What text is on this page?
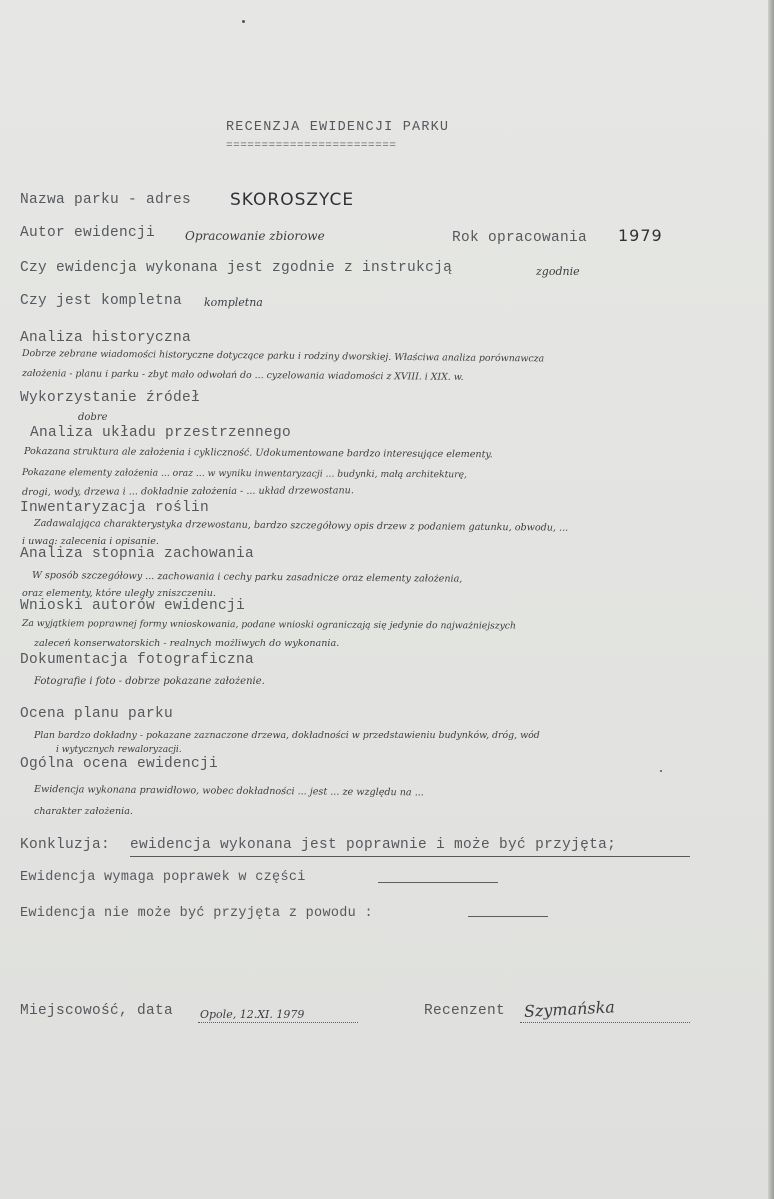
RECENZJA EWIDENCJI PARKU
========================
Nazwa parku - adres SKOROSZYCE
Autor ewidencji Opracowanie zbiorowe	Rok opracowania 1979
Czy ewidencja wykonana jest zgodnie z instrukcją	zgodnie
Czy jest kompletna kompletna
Analiza historyczna
Dobrze zebrane wiadomości historyczne dotyczące parku i rodziny dworskiej. Właściwa analiza porównawcza
założenia - planu i parku - zbyt mało odwołań do ... cyzelowania wiadomości z XVIII. i XIX. w.
Wykorzystanie źródeł
dobre
Analiza układu przestrzennego
Pokazana struktura ale założenia i cykliczność. Udokumentowane bardzo interesujące elementy.
Pokazane elementy założenia ... oraz ... w wyniku inwentaryzacji ... budynki, małą architekturę,
drogi, wody, drzewa i ... dokładnie założenia - ... układ drzewostanu.
Inwentaryzacja roślin
Zadawalająca charakterystyka drzewostanu, bardzo szczegółowy opis drzew z podaniem gatunku, obwodu, ...
i uwag: zalecenia i opisanie.
Analiza stopnia zachowania
W sposób szczegółowy ... zachowania i cechy parku zasadnicze oraz elementy założenia,
oraz elementy, które uległy zniszczeniu.
Wnioski autorów ewidencji
Za wyjątkiem poprawnej formy wnioskowania, podane wnioski ograniczają się jedynie do najważniejszych
zaleceń konserwatorskich - realnych możliwych do wykonania.
Dokumentacja fotograficzna
Fotografie i foto - dobrze pokazane założenie.
Ocena planu parku
Plan bardzo dokładny - pokazane zaznaczone drzewa, dokładności w przedstawieniu budynków, dróg, wód
i wytycznych rewaloryzacji.
Ogólna ocena ewidencji
Ewidencja wykonana prawidłowo, wobec dokładności ... jest ... ze względu na ...
charakter założenia.
Konkluzja: ewidencja wykonana jest poprawnie i może być przyjęta;
Ewidencja wymaga poprawek w części
Ewidencja nie może być przyjęta z powodu :
Miejscowość, data Opole, 12.XI. 1979	Recenzent Szymańska
